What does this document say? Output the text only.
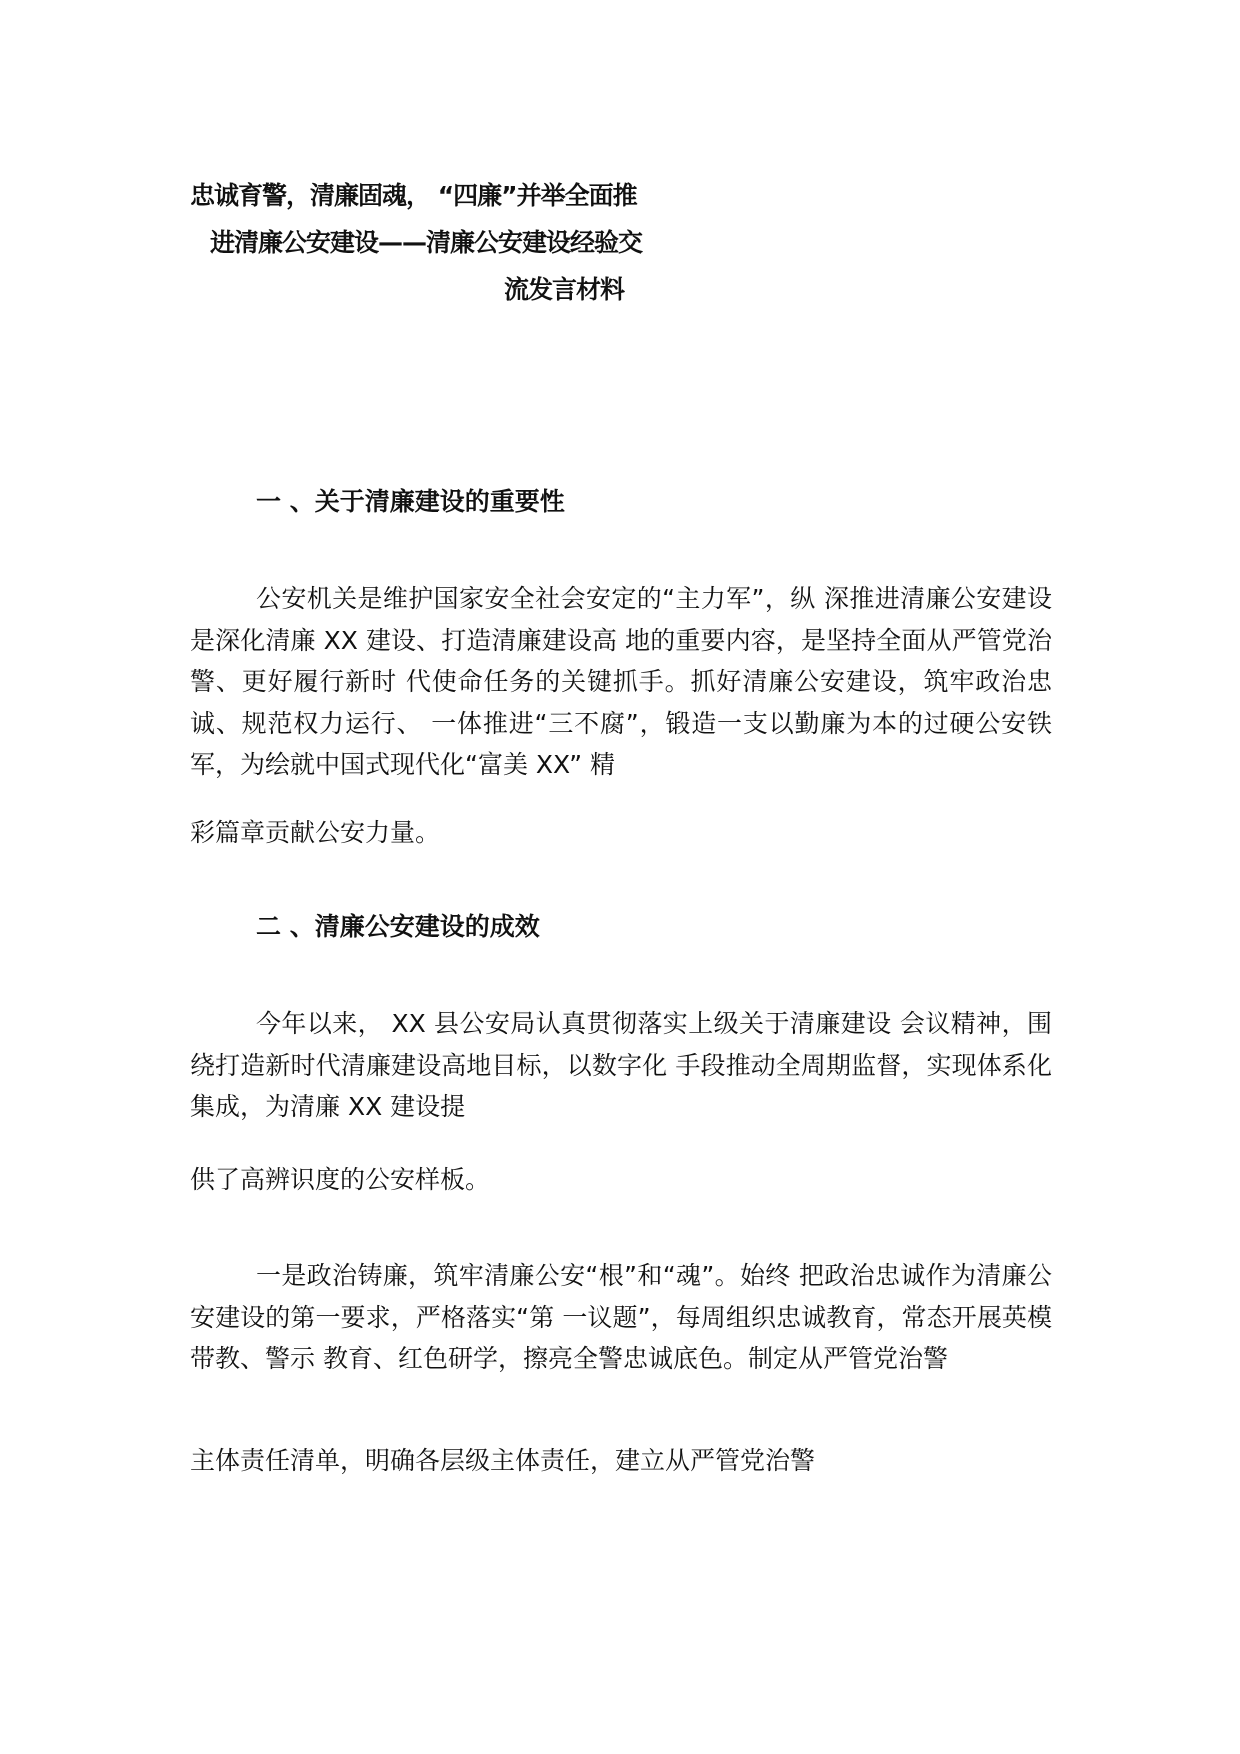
忠诚育警，清廉固魂， “四廉”并举全面推
进清廉公安建设——清廉公安建设经验交
流发言材料
一 、关于清廉建设的重要性

公安机关是维护国家安全社会安定的“主力军”，纵 深推进清廉公安建设是深化清廉 XX 建设、打造清廉建设高 地的重要内容，是坚持全面从严管党治警、更好履行新时 代使命任务的关键抓手。抓好清廉公安建设，筑牢政治忠 诚、规范权力运行、 一体推进“三不腐”，锻造一支以勤廉为本的过硬公安铁军，为绘就中国式现代化“富美 XX” 精

彩篇章贡献公安力量。

二 、清廉公安建设的成效

今年以来， XX 县公安局认真贯彻落实上级关于清廉建设 会议精神，围绕打造新时代清廉建设高地目标，以数字化 手段推动全周期监督，实现体系化集成，为清廉 XX 建设提

供了高辨识度的公安样板。

一是政治铸廉，筑牢清廉公安“根”和“魂”。始终 把政治忠诚作为清廉公安建设的第一要求，严格落实“第 一议题”，每周组织忠诚教育，常态开展英模带教、警示 教育、红色研学，擦亮全警忠诚底色。制定从严管党治警

主体责任清单，明确各层级主体责任，建立从严管党治警
